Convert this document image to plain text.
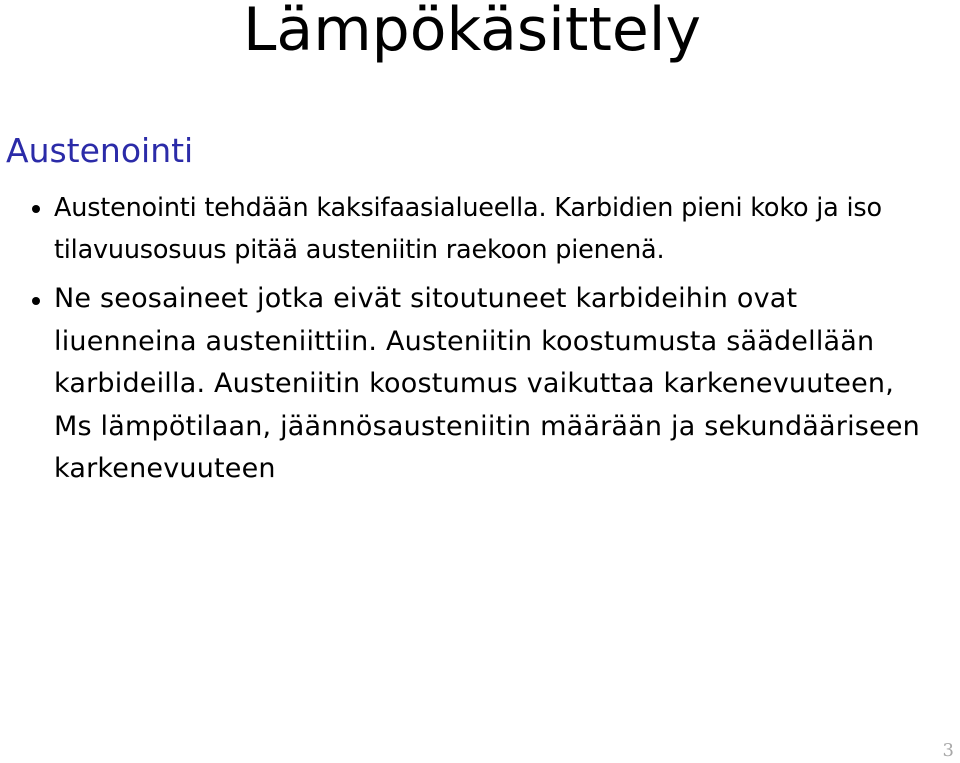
Lämpökäsittely
Austenointi
Austenointi tehdään kaksifaasialueella. Karbidien pieni koko ja iso tilavuusosuus pitää austeniitin raekoon pienenä.
Ne seosaineet jotka eivät sitoutuneet karbideihin ovat liuenneina austeniittiin. Austeniitin koostumusta säädellään karbideilla. Austeniitin koostumus vaikuttaa karkenevuuteen, Ms lämpötilaan, jäännösausteniitin määrään ja sekundääriseen karkenevuuteen
3
